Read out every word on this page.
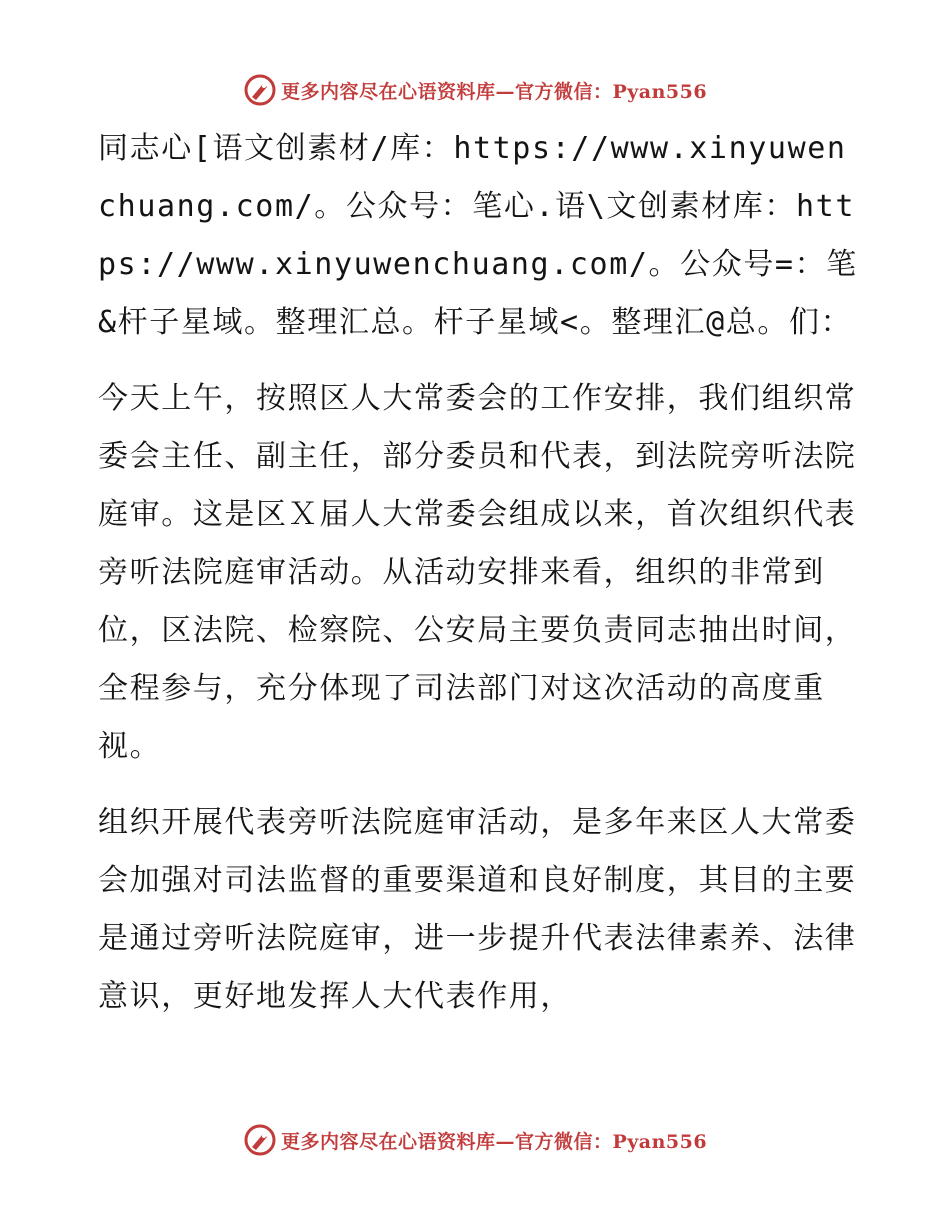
更多内容尽在心语资料库—官方微信：Pyan556

同志心[语文创素材/库：https://www.xinyuwenchuang.com/。公众号：笔心.语\文创素材库：https://www.xinyuwenchuang.com/。公众号=：笔&杆子星域。整理汇总。杆子星域<。整理汇@总。们：

今天上午，按照区人大常委会的工作安排，我们组织常委会主任、副主任，部分委员和代表，到法院旁听法院庭审。这是区Ｘ届人大常委会组成以来，首次组织代表旁听法院庭审活动。从活动安排来看，组织的非常到位，区法院、检察院、公安局主要负责同志抽出时间，全程参与，充分体现了司法部门对这次活动的高度重视。

组织开展代表旁听法院庭审活动，是多年来区人大常委会加强对司法监督的重要渠道和良好制度，其目的主要是通过旁听法院庭审，进一步提升代表法律素养、法律意识，更好地发挥人大代表作用，

更多内容尽在心语资料库—官方微信：Pyan556
